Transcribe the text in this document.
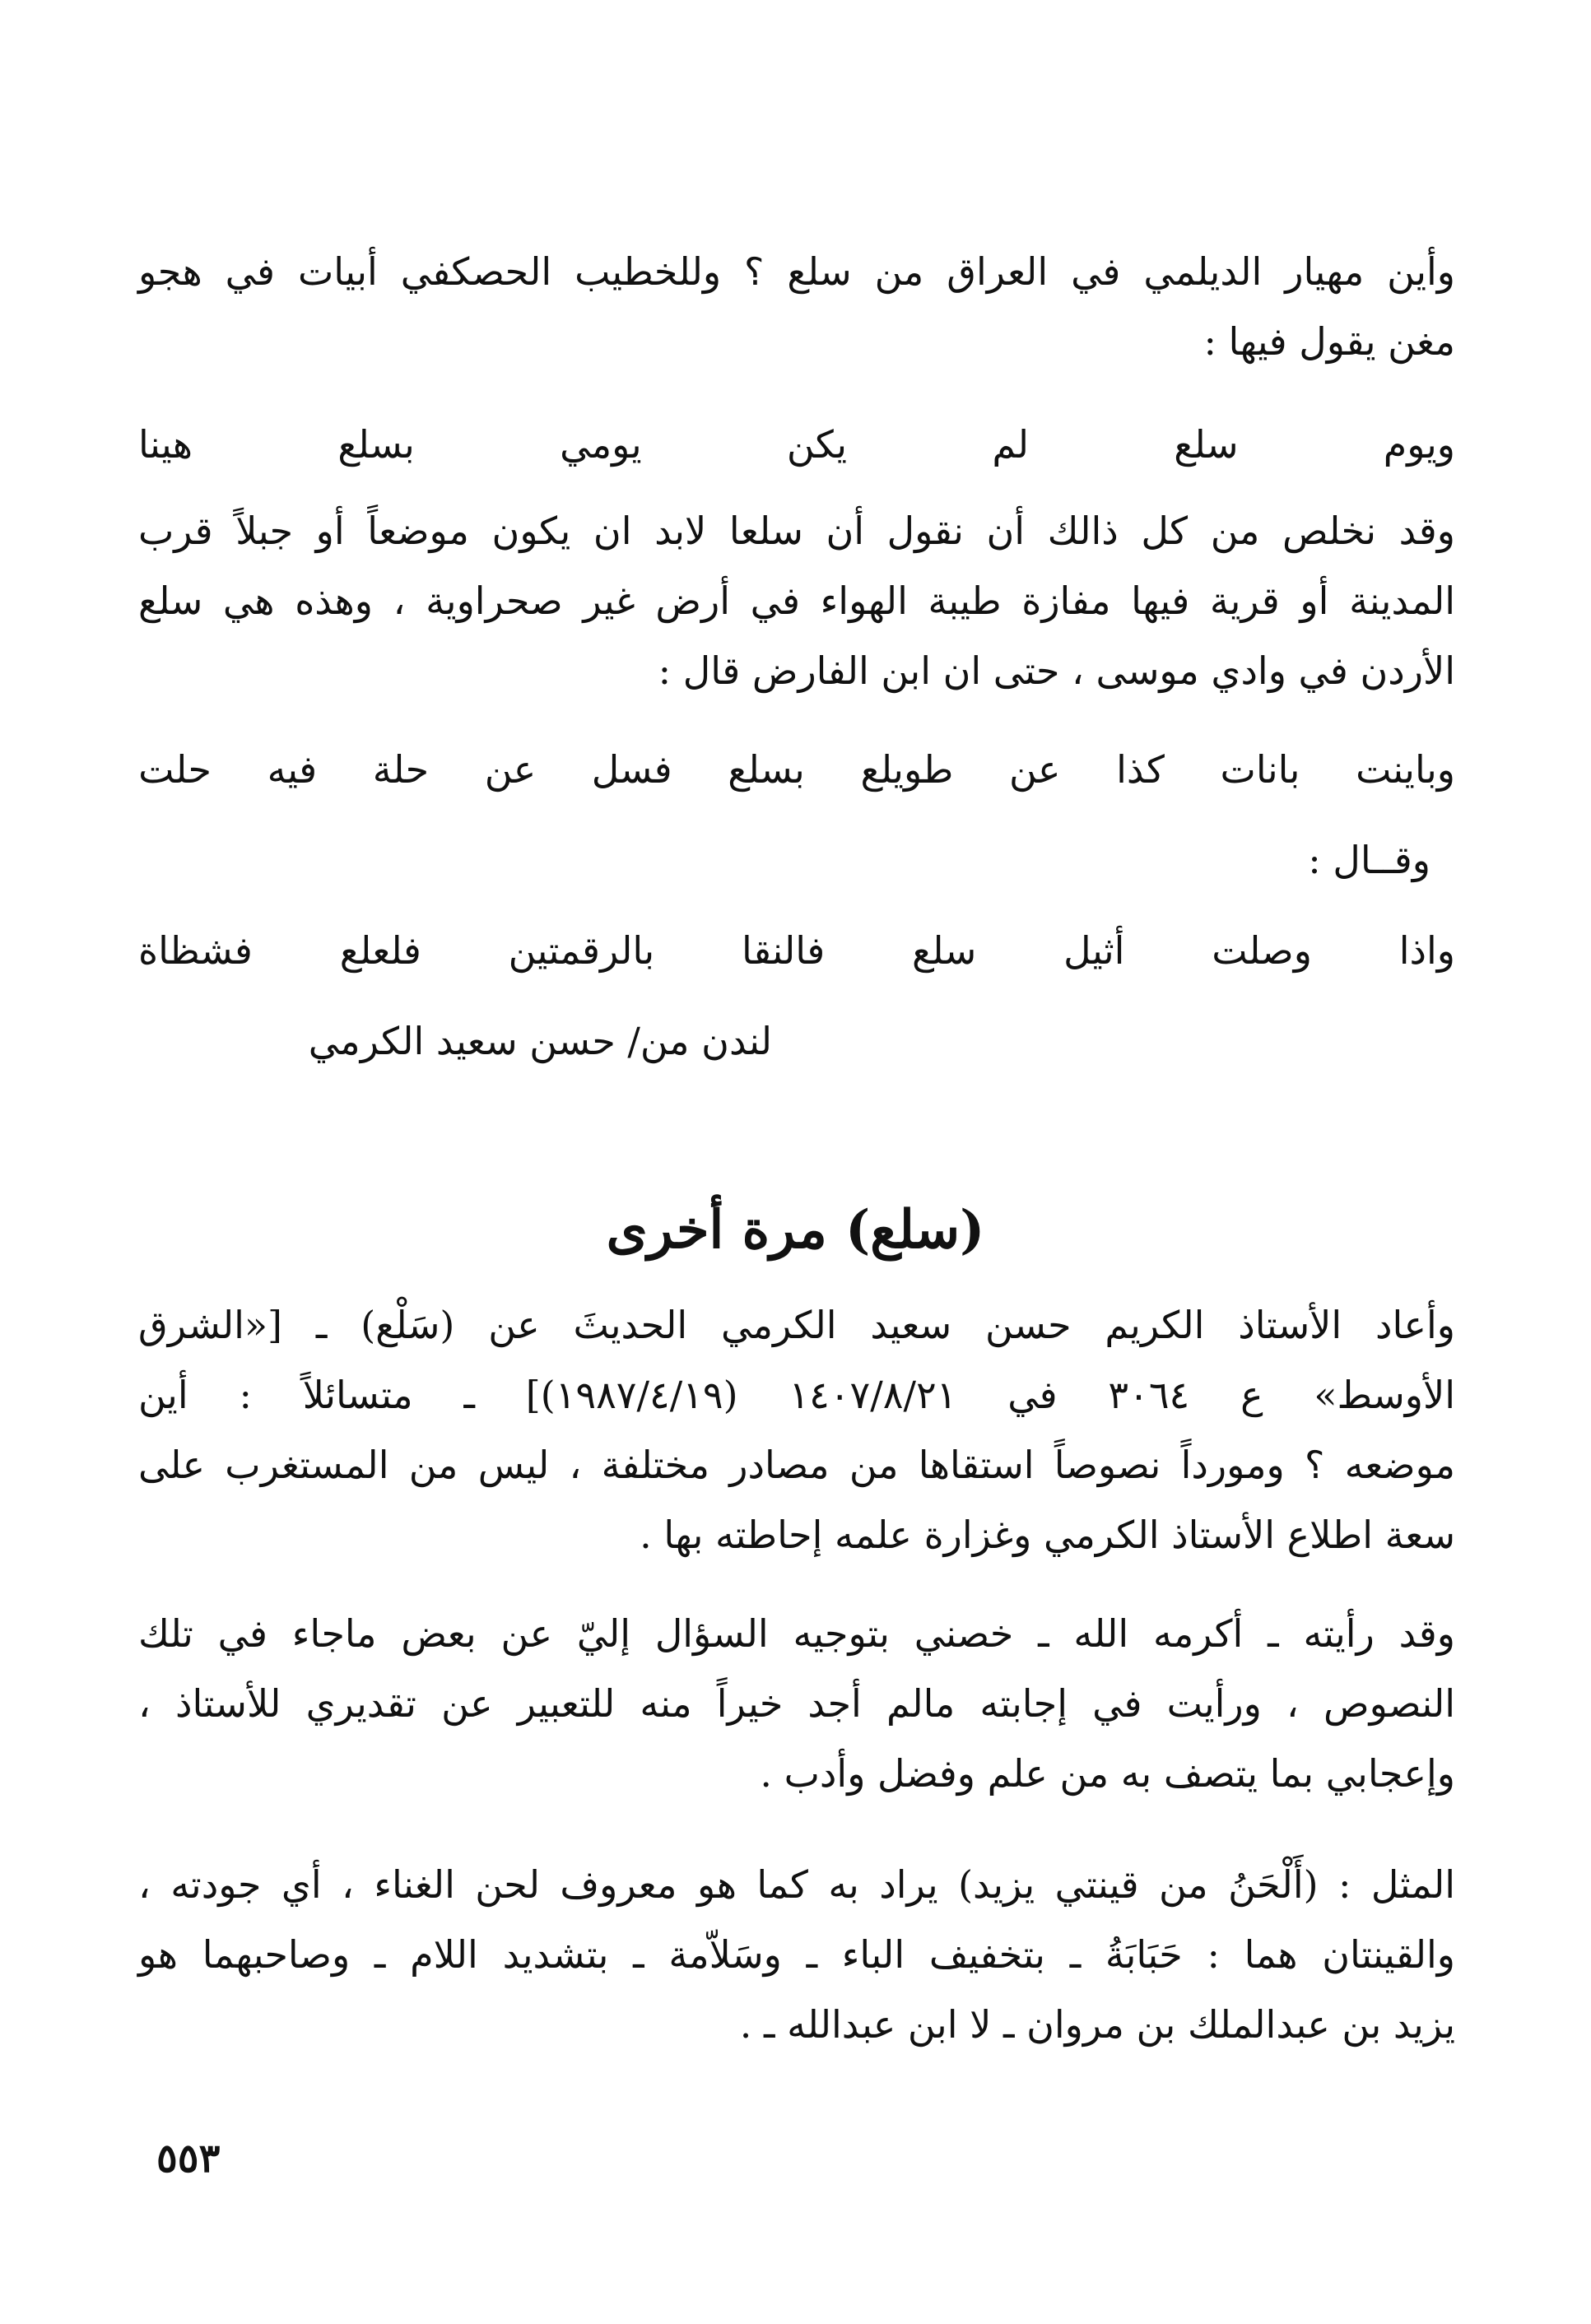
وأين مهيار الديلمي في العراق من سلع ؟ وللخطيب الحصكفي أبيات في هجو
مغن يقول فيها :
ويوم
سلع
لم
يكن
يومي
بسلع
هينا
وقد نخلص من كل ذالك أن نقول أن سلعا لابد ان يكون موضعاً أو جبلاً قرب
المدينة أو قرية فيها مفازة طيبة الهواء في أرض غير صحراوية ، وهذه هي سلع
الأردن في وادي موسى ، حتى ان ابن الفارض قال :
وباينت
بانات
كذا
عن
طويلع
بسلع
فسل
عن
حلة
فيه
حلت
وقــال :
واذا
وصلت
أثيل
سلع
فالنقا
بالرقمتين
فلعلع
فشظاة
لندن من/ حسن سعيد الكرمي
(سلع) مرة أخرى
وأعاد الأستاذ الكريم حسن سعيد الكرمي الحديثَ عن (سَلْع) ـ [«الشرق
الأوسط» ع ٣٠٦٤ في ١٤٠٧/٨/٢١ (١٩٨٧/٤/١٩)] ـ متسائلاً : أين
موضعه ؟ ومورداً نصوصاً استقاها من مصادر مختلفة ، ليس من المستغرب على
سعة اطلاع الأستاذ الكرمي وغزارة علمه إحاطته بها .
وقد رأيته ـ أكرمه الله ـ خصني بتوجيه السؤال إليّ عن بعض ماجاء في تلك
النصوص ، ورأيت في إجابته مالم أجد خيراً منه للتعبير عن تقديري للأستاذ ،
وإعجابي بما يتصف به من علم وفضل وأدب .
المثل : (أَلْحَنُ من قينتي يزيد) يراد به كما هو معروف لحن الغناء ، أي جودته ،
والقينتان هما : حَبَابَةُ ـ بتخفيف الباء ـ وسَلاّمة ـ بتشديد اللام ـ وصاحبهما هو
يزيد بن عبدالملك بن مروان ـ لا ابن عبدالله ـ .
٥٥٣
